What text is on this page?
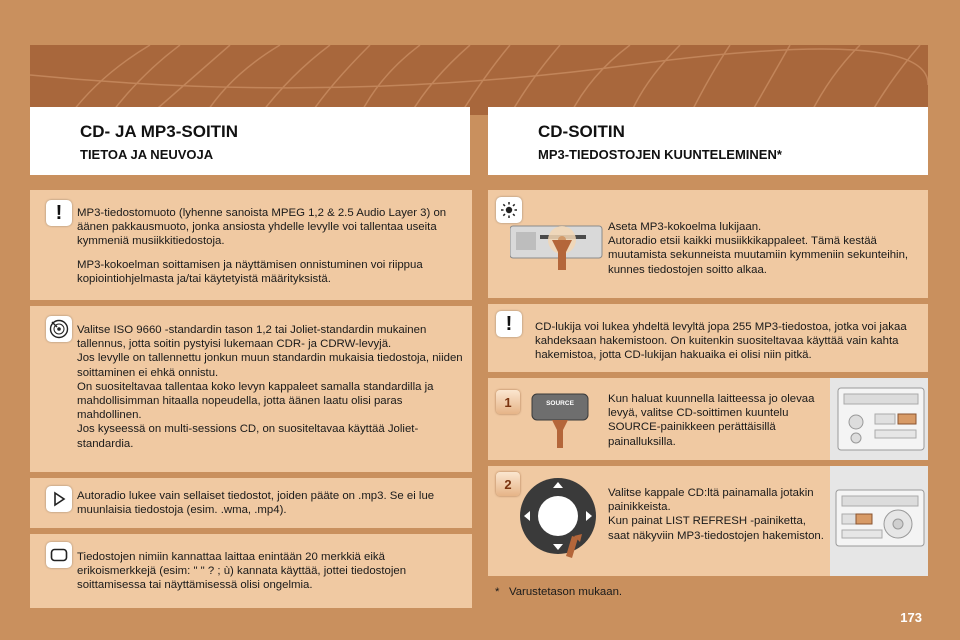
CD- JA MP3-SOITIN
TIETOA JA NEUVOJA
CD-SOITIN
MP3-TIEDOSTOJEN KUUNTELEMINEN*
! MP3-tiedostomuoto (lyhenne sanoista MPEG 1,2 & 2.5 Audio Layer 3) on äänen pakkausmuoto, jonka ansiosta yhdelle levylle voi tallentaa useita kymmeniä musiikkitiedostoja.

MP3-kokoelman soittamisen ja näyttämisen onnistuminen voi riippua kopiointiohjelmasta ja/tai käytetyistä määrityksistä.

Valitse ISO 9660 -standardin tason 1,2 tai Joliet-standardin mukainen tallennus, jotta soitin pystyisi lukemaan CDR- ja CDRW-levyjä.

Jos levylle on tallennettu jonkun muun standardin mukaisia tiedostoja, niiden soittaminen ei ehkä onnistu.

On suositeltavaa tallentaa koko levyn kappaleet samalla standardilla ja mahdollisimman hitaalla nopeudella, jotta äänen laatu olisi paras mahdollinen.

Jos kyseessä on multi-sessions CD, on suositeltavaa käyttää Joliet-standardia.

Autoradio lukee vain sellaiset tiedostot, joiden pääte on .mp3. Se ei lue muunlaisia tiedostoja (esim. .wma, .mp4).

Tiedostojen nimiin kannattaa laittaa enintään 20 merkkiä eikä erikoismerkkejä (esim: " " ? ; ù) kannata käyttää, jottei tiedostojen soittamisessa tai näyttämisessä olisi ongelmia.

Aseta MP3-kokoelma lukijaan.
Autoradio etsii kaikki musiikkikappaleet. Tämä kestää muutamista sekunneista muutamiin kymmeniin sekunteihin, kunnes tiedostojen soitto alkaa.

! CD-lukija voi lukea yhdeltä levyltä jopa 255 MP3-tiedostoa, jotka voi jakaa kahdeksaan hakemistoon. On kuitenkin suositeltavaa käyttää vain kahta hakemistoa, jotta CD-lukijan hakuaika ei olisi niin pitkä.

1	SOURCE	Kun haluat kuunnella laitteessa jo olevaa levyä, valitse CD-soittimen kuuntelu SOURCE-painikkeen perättäisillä painalluksilla.

2

Valitse kappale CD:ltä painamalla jotakin painikkeista.
Kun painat LIST REFRESH -painiketta, saat näkyviin MP3-tiedostojen hakemiston.

* Varustetason mukaan.
173
